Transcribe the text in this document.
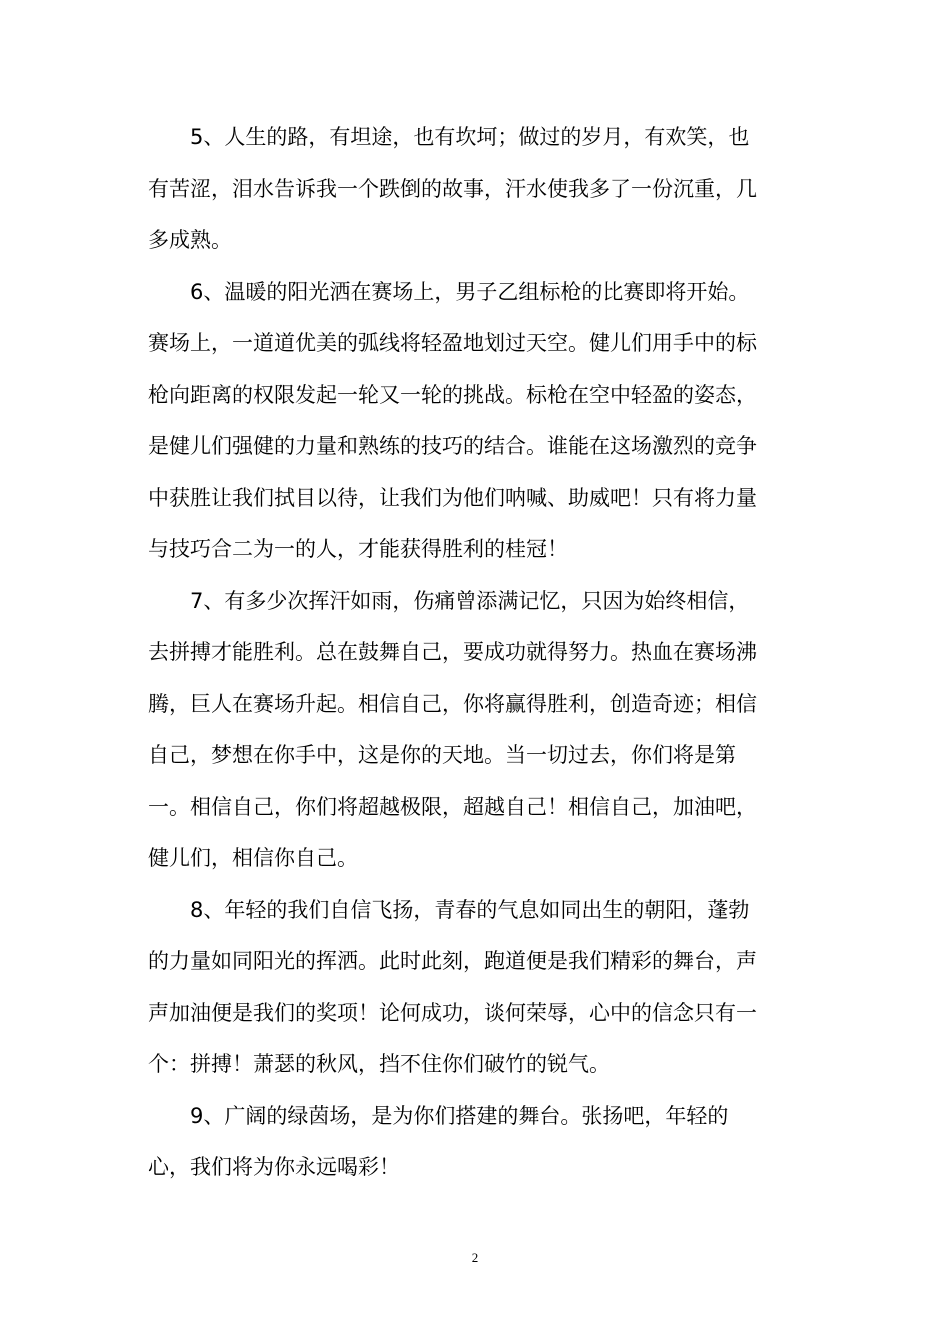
5、人生的路，有坦途，也有坎坷；做过的岁月，有欢笑，也
有苦涩，泪水告诉我一个跌倒的故事，汗水使我多了一份沉重，几
多成熟。
6、温暖的阳光洒在赛场上，男子乙组标枪的比赛即将开始。
赛场上，一道道优美的弧线将轻盈地划过天空。健儿们用手中的标
枪向距离的权限发起一轮又一轮的挑战。标枪在空中轻盈的姿态，
是健儿们强健的力量和熟练的技巧的结合。谁能在这场激烈的竞争
中获胜让我们拭目以待，让我们为他们呐喊、助威吧！只有将力量
与技巧合二为一的人，才能获得胜利的桂冠！
7、有多少次挥汗如雨，伤痛曾添满记忆，只因为始终相信，
去拼搏才能胜利。总在鼓舞自己，要成功就得努力。热血在赛场沸
腾，巨人在赛场升起。相信自己，你将赢得胜利，创造奇迹；相信
自己，梦想在你手中，这是你的天地。当一切过去，你们将是第
一。相信自己，你们将超越极限，超越自己！相信自己，加油吧，
健儿们，相信你自己。
8、年轻的我们自信飞扬，青春的气息如同出生的朝阳，蓬勃
的力量如同阳光的挥洒。此时此刻，跑道便是我们精彩的舞台，声
声加油便是我们的奖项！论何成功，谈何荣辱，心中的信念只有一
个：拼搏！萧瑟的秋风，挡不住你们破竹的锐气。
9、广阔的绿茵场，是为你们搭建的舞台。张扬吧，年轻的
心，我们将为你永远喝彩！
2
